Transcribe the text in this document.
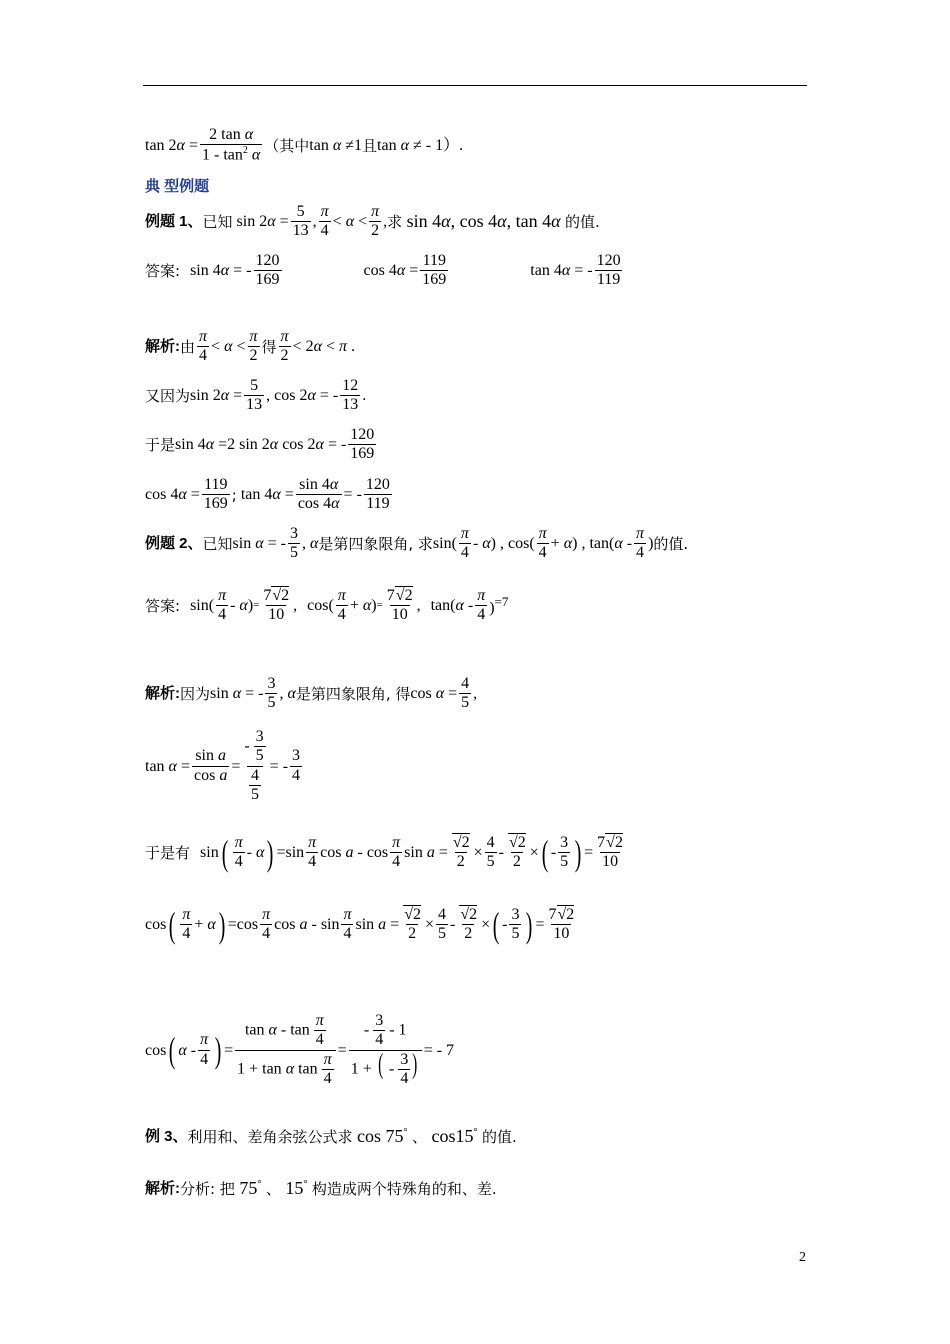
$\tan 2\alpha = \frac{\text{2 tan α}}{1 - \tan^2 \alpha}$ （其中 tan α ≠1 且 tan α ≠ - 1）.
典 型例题
例题 1、 已知 $\sin 2\alpha = \frac{5}{13}$ , $\frac{\pi}{4} < \alpha < \frac{\pi}{2}$ , 求 sin 4α, cos 4α, tan 4α 的值.
答案: sin 4α = - $\frac{120}{169}$	$\cos 4\alpha = \frac{119}{169}$	tan 4α = - $\frac{120}{119}$
解析: 由 $\frac{\pi}{4} < \alpha < \frac{\pi}{2}$ 得 $\frac{\pi}{2} < 2\alpha < \pi$ .
又因为 $\sin 2\alpha = \frac{5}{13}$ , cos 2α = - $\frac{12}{13}$ .
于是 sin 4α =2 sin 2α cos 2α = - $\frac{120}{169}$
$\cos 4\alpha = \frac{119}{169}$ ; $\tan 4\alpha = \frac{\sin 4\alpha}{\cos 4\alpha}$ = - $\frac{120}{119}$
例题 2、 已知 sin α = - $\frac{3}{5}$ , α 是第四象限角, 求 $\sin( \frac{\pi}{4} - \alpha)$ , $\cos( \frac{\pi}{4} + \alpha)$ , $\tan(\alpha - \frac{\pi}{4}$ ) 的值.
答案: $\sin( \frac{\pi}{4} - \alpha) = \frac{7√2}{10}$ , $\cos( \frac{\pi}{4} + \alpha) = \frac{7√2}{10}$ , $\tan(\alpha - \frac{\pi}{4} )^{=7}$
解析: 因为 sin α = - $\frac{3}{5}$ , α 是第四象限角, 得 $\cos \alpha = \frac{4}{5}$ ,
$\tan \alpha = \frac{\text{sin a}}{\text{cos a}} = \frac{- \frac{3}{5}}{\frac{4}{5}}$ = - $\frac{3}{4}$
于是有 sin ( $\frac{\pi}{4}$ - α ) $=\sin \frac{\pi}{4}$ cos a - $\cos \frac{\pi}{4}$ $\sin a = \frac{√2}{2} \times \frac{4}{5} - \frac{√2}{2}$ × ( - $\frac{3}{5}$ ) = $\frac{7√2}{10}$
cos ( $\frac{\pi}{4} + \alpha$ ) $=\cos \frac{\pi}{4}$ cos a - $\sin \frac{\pi}{4}$ $\sin a = \frac{√2}{2} \times \frac{4}{5} - \frac{√2}{2}$ × ( - $\frac{3}{5}$ ) = $\frac{7√2}{10}$
cos ( α - $\frac{\pi}{4}$ ) = $\frac{\tan \alpha - \tan \frac{\pi}{4}}{1 + \tan \alpha \tan \frac{\pi}{4}} = \frac{- \frac{3}{4} - 1}{1 + ( - \frac{3}{4} )}$ = - 7
例 3、 利用和、差角余弦公式求 cos 75° 、 cos15° 的值.
解析: 分析: 把 75° 、 15° 构造成两个特殊角的和、差.
2
